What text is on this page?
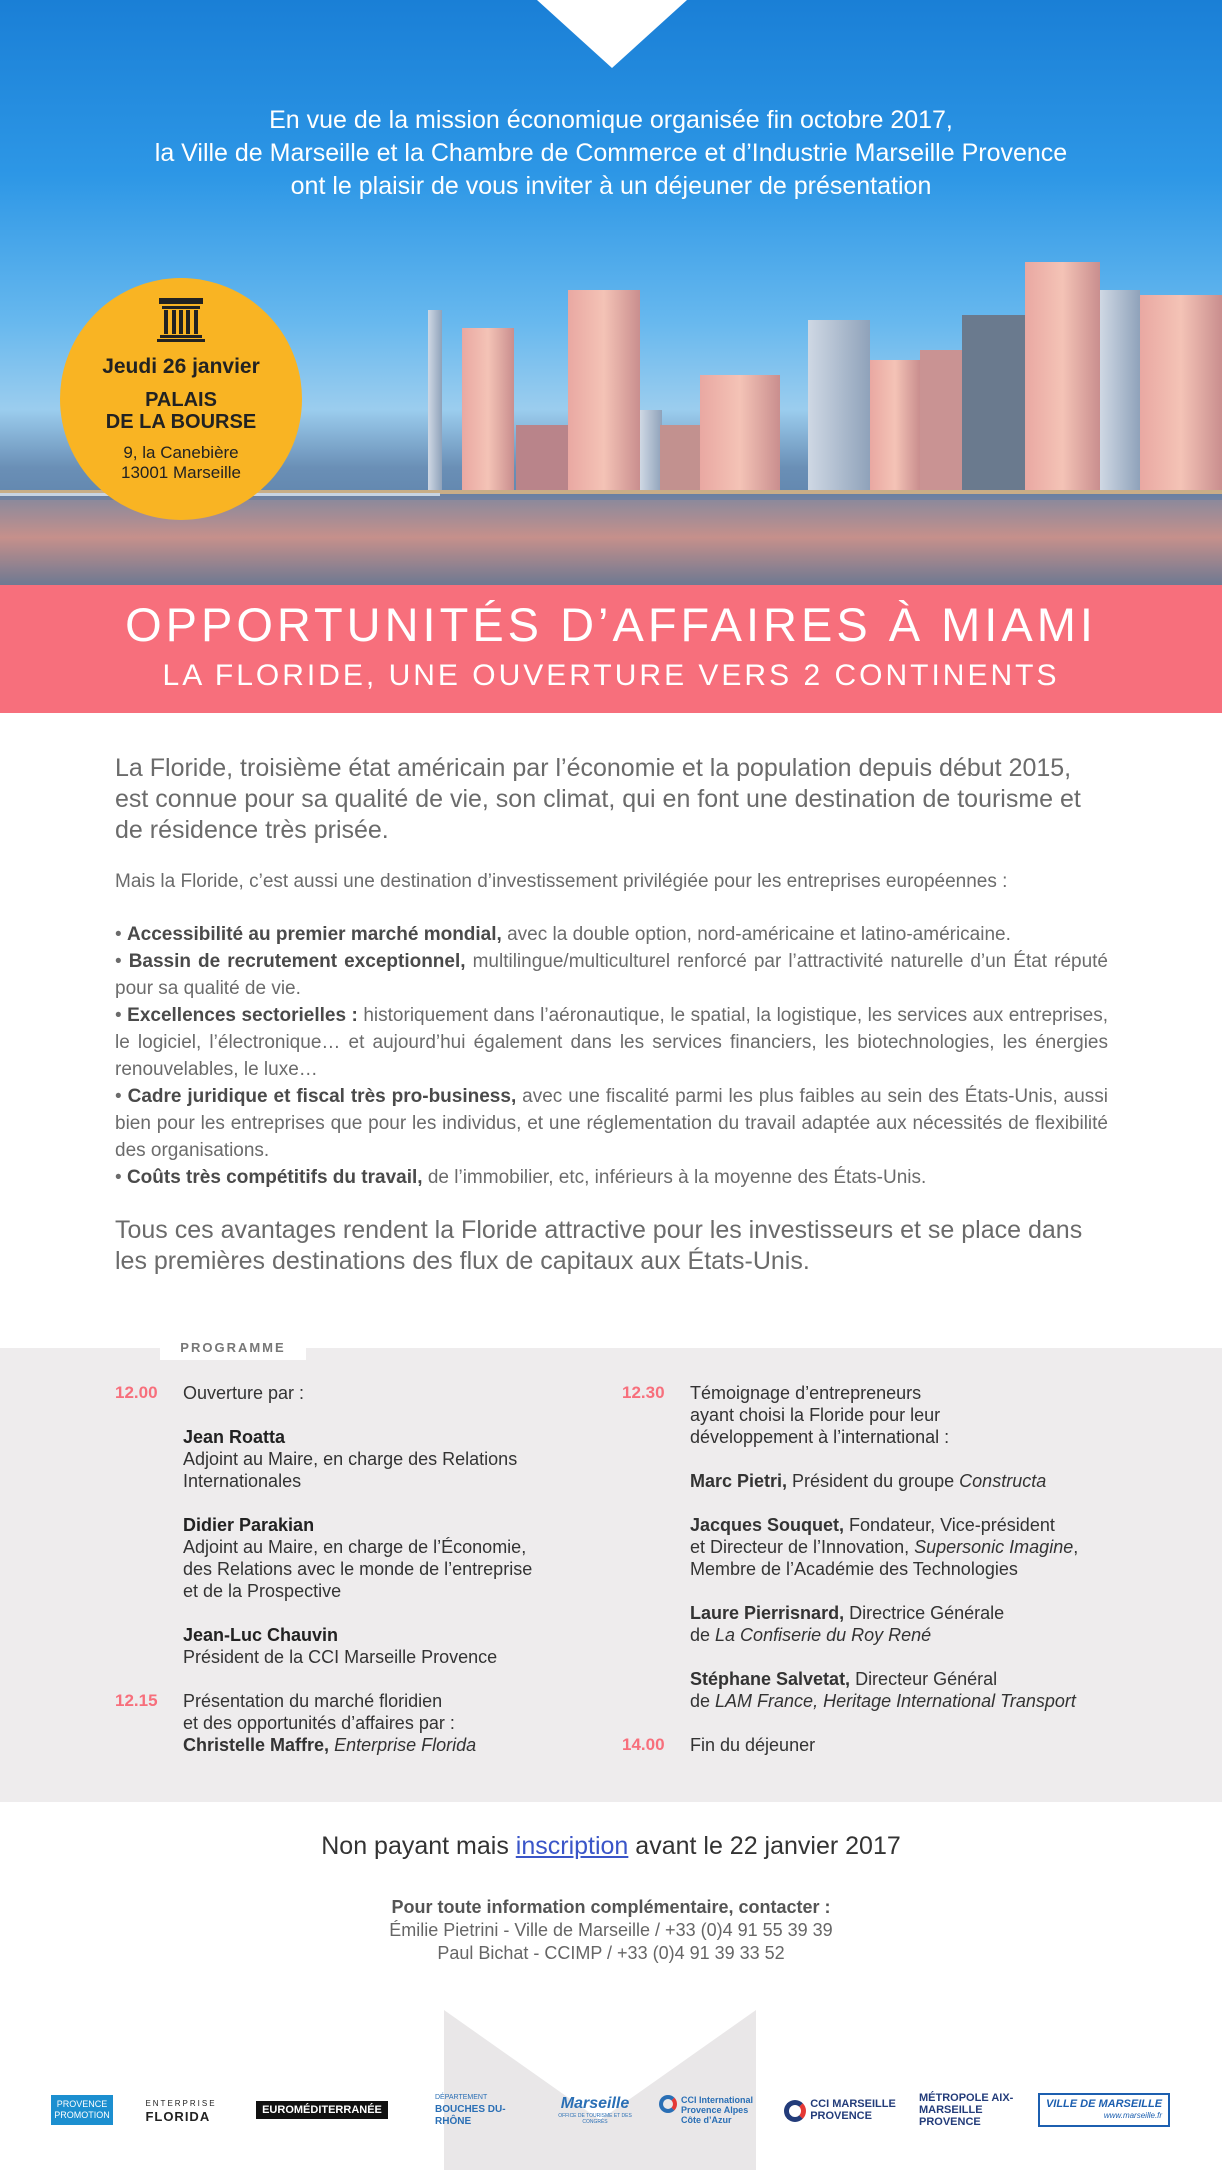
En vue de la mission économique organisée fin octobre 2017,
la Ville de Marseille et la Chambre de Commerce et d’Industrie Marseille Provence
ont le plaisir de vous inviter à un déjeuner de présentation
Jeudi 26 janvier
PALAIS
DE LA BOURSE
9, la Canebière
13001 Marseille
OPPORTUNITÉS D’AFFAIRES À MIAMI
LA FLORIDE, UNE OUVERTURE VERS 2 CONTINENTS
La Floride, troisième état américain par l’économie et la population depuis début 2015, est connue pour sa qualité de vie, son climat, qui en font une destination de tourisme et de résidence très prisée.
Mais la Floride, c’est aussi une destination d’investissement privilégiée pour les entreprises européennes :

• Accessibilité au premier marché mondial, avec la double option, nord-américaine et latino-américaine.

• Bassin de recrutement exceptionnel, multilingue/multiculturel renforcé par l’attractivité naturelle d’un État réputé pour sa qualité de vie.

• Excellences sectorielles : historiquement dans l’aéronautique, le spatial, la logistique, les services aux entreprises, le logiciel, l’électronique… et aujourd’hui également dans les services financiers, les biotechnologies, les énergies renouvelables, le luxe…

• Cadre juridique et fiscal très pro-business, avec une fiscalité parmi les plus faibles au sein des États-Unis, aussi bien pour les entreprises que pour les individus, et une réglementation du travail adaptée aux nécessités de flexibilité des organisations.

• Coûts très compétitifs du travail, de l’immobilier, etc, inférieurs à la moyenne des États-Unis.

Tous ces avantages rendent la Floride attractive pour les investisseurs et se place dans les premières destinations des flux de capitaux aux États-Unis.
PROGRAMME
12.00 Ouverture par :

Jean Roatta

Adjoint au Maire, en charge des Relations

Internationales

Didier Parakian

Adjoint au Maire, en charge de l’Économie,

des Relations avec le monde de l’entreprise

et de la Prospective

Jean-Luc Chauvin

Président de la CCI Marseille Provence

12.15 Présentation du marché floridien

et des opportunités d’affaires par :

Christelle Maffre, Enterprise Florida

12.30 Témoignage d’entrepreneurs

ayant choisi la Floride pour leur

développement à l’international :

Marc Pietri, Président du groupe Constructa

Jacques Souquet, Fondateur, Vice-président

et Directeur de l’Innovation, Supersonic Imagine,

Membre de l’Académie des Technologies

Laure Pierrisnard, Directrice Générale

de La Confiserie du Roy René

Stéphane Salvetat, Directeur Général

de LAM France, Heritage International Transport

14.00 Fin du déjeuner

Non payant mais inscription avant le 22 janvier 2017
Pour toute information complémentaire, contacter :
Émilie Pietrini - Ville de Marseille / +33 (0)4 91 55 39 39
Paul Bichat - CCIMP / +33 (0)4 91 39 33 52
PROVENCE
PROMOTION
ENTERPRISE
FLORIDA	EUROMÉDITERRANÉE
DÉPARTEMENT
BOUCHES DU-RHÔNE
Marseille
OFFICE DE TOURISME ET DES CONGRÈS
CCI International
Provence Alpes Côte d’Azur
CCI MARSEILLE
PROVENCE
MÉTROPOLE AIX-MARSEILLE
PROVENCE
VILLE DE MARSEILLE
www.marseille.fr
